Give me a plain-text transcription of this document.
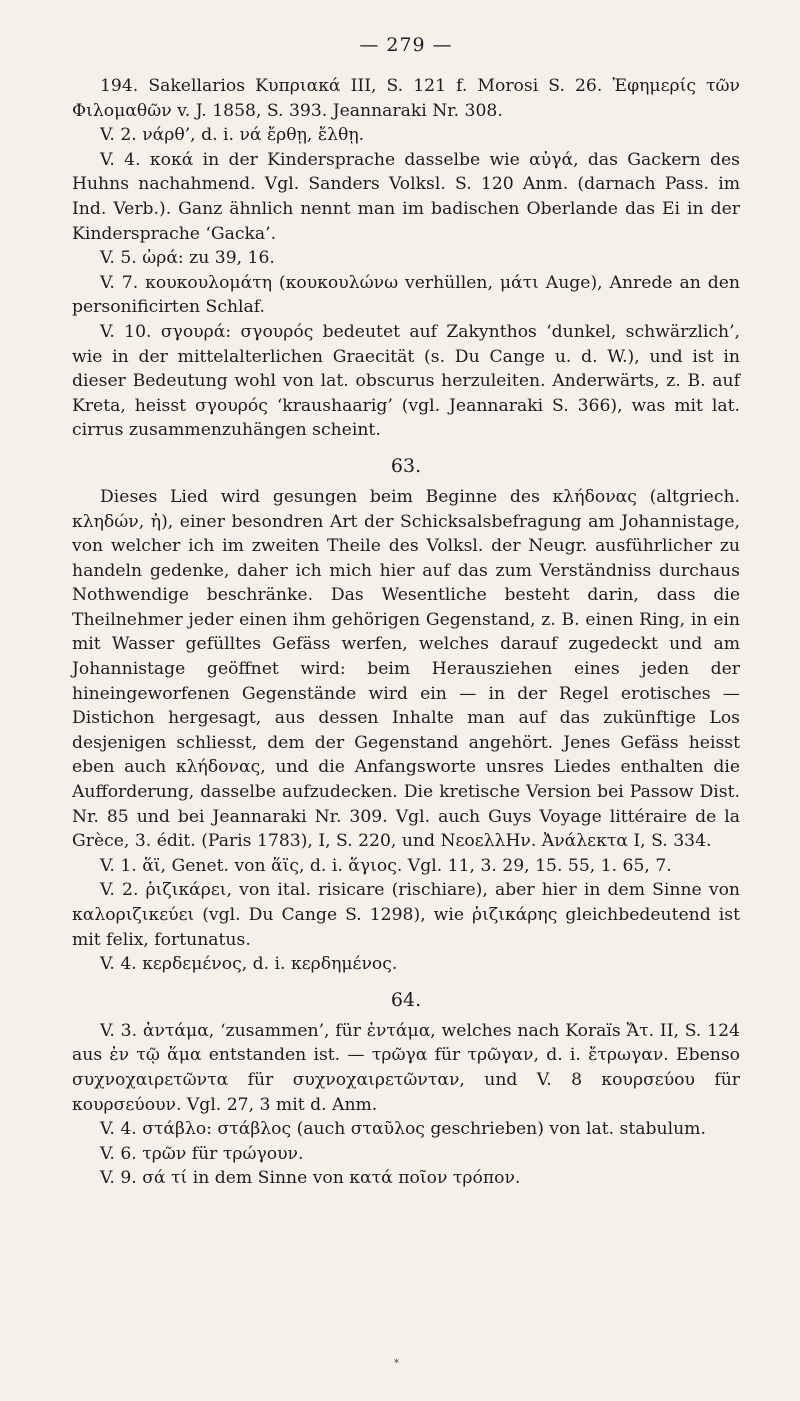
— 279 —

194. Sakellarios Κυπριακά III, S. 121 f. Morosi S. 26. Ἐφημερίς τῶν Φιλομαθῶν v. J. 1858, S. 393. Jeannaraki Nr. 308.

V. 2. νάρθ’, d. i. νά ἔρθῃ, ἔλθῃ.

V. 4. κοκά in der Kindersprache dasselbe wie αὐγά, das Gackern des Huhns nachahmend. Vgl. Sanders Volksl. S. 120 Anm. (darnach Pass. im Ind. Verb.). Ganz ähnlich nennt man im badischen Oberlande das Ei in der Kindersprache ‘Gacka’.

V. 5. ὠρά: zu 39, 16.

V. 7. κουκουλομάτη (κουκουλώνω verhüllen, μάτι Auge), Anrede an den personificirten Schlaf.

V. 10. σγουρά: σγουρός bedeutet auf Zakynthos ‘dunkel, schwärzlich’, wie in der mittelalterlichen Graecität (s. Du Cange u. d. W.), und ist in dieser Bedeutung wohl von lat. obscurus herzuleiten. Anderwärts, z. B. auf Kreta, heisst σγουρός ‘kraushaarig’ (vgl. Jeannaraki S. 366), was mit lat. cirrus zusammenzuhängen scheint.

63.

Dieses Lied wird gesungen beim Beginne des κλήδονας (altgriech. κληδών, ἡ), einer besondren Art der Schicksalsbefragung am Johannistage, von welcher ich im zweiten Theile des Volksl. der Neugr. ausführlicher zu handeln gedenke, daher ich mich hier auf das zum Verständniss durchaus Nothwendige beschränke. Das Wesentliche besteht darin, dass die Theilnehmer jeder einen ihm gehörigen Gegenstand, z. B. einen Ring, in ein mit Wasser gefülltes Gefäss werfen, welches darauf zugedeckt und am Johannistage geöffnet wird: beim Herausziehen eines jeden der hineingeworfenen Gegenstände wird ein — in der Regel erotisches — Distichon hergesagt, aus dessen Inhalte man auf das zukünftige Los desjenigen schliesst, dem der Gegenstand angehört. Jenes Gefäss heisst eben auch κλήδονας, und die Anfangsworte unsres Liedes enthalten die Aufforderung, dasselbe aufzudecken. Die kretische Version bei Passow Dist. Nr. 85 und bei Jeannaraki Nr. 309. Vgl. auch Guys Voyage littéraire de la Grèce, 3. édit. (Paris 1783), I, S. 220, und ΝεοελλΗν. Ἀνάλεκτα I, S. 334.

V. 1. ἅϊ, Genet. von ἅϊς, d. i. ἅγιος. Vgl. 11, 3. 29, 15. 55, 1. 65, 7.

V. 2. ῥιζικάρει, von ital. risicare (rischiare), aber hier in dem Sinne von καλοριζικεύει (vgl. Du Cange S. 1298), wie ῥιζικάρης gleichbedeutend ist mit felix, fortunatus.

V. 4. κερδεμένος, d. i. κερδημένος.

64.

V. 3. ἀντάμα, ‘zusammen’, für ἐντάμα, welches nach Koraïs Ἄτ. II, S. 124 aus ἐν τῷ ἅμα entstanden ist. — τρῶγα für τρῶγαν, d. i. ἔτρωγαν. Ebenso συχνοχαιρετῶντα für συχνοχαιρετῶνταν, und V. 8 κουρσεύου für κουρσεύουν. Vgl. 27, 3 mit d. Anm.

V. 4. στάβλο: στάβλος (auch σταῦλος geschrieben) von lat. stabulum.

V. 6. τρῶν für τρώγουν.

V. 9. σά τί in dem Sinne von κατά ποῖον τρόπον.

*
